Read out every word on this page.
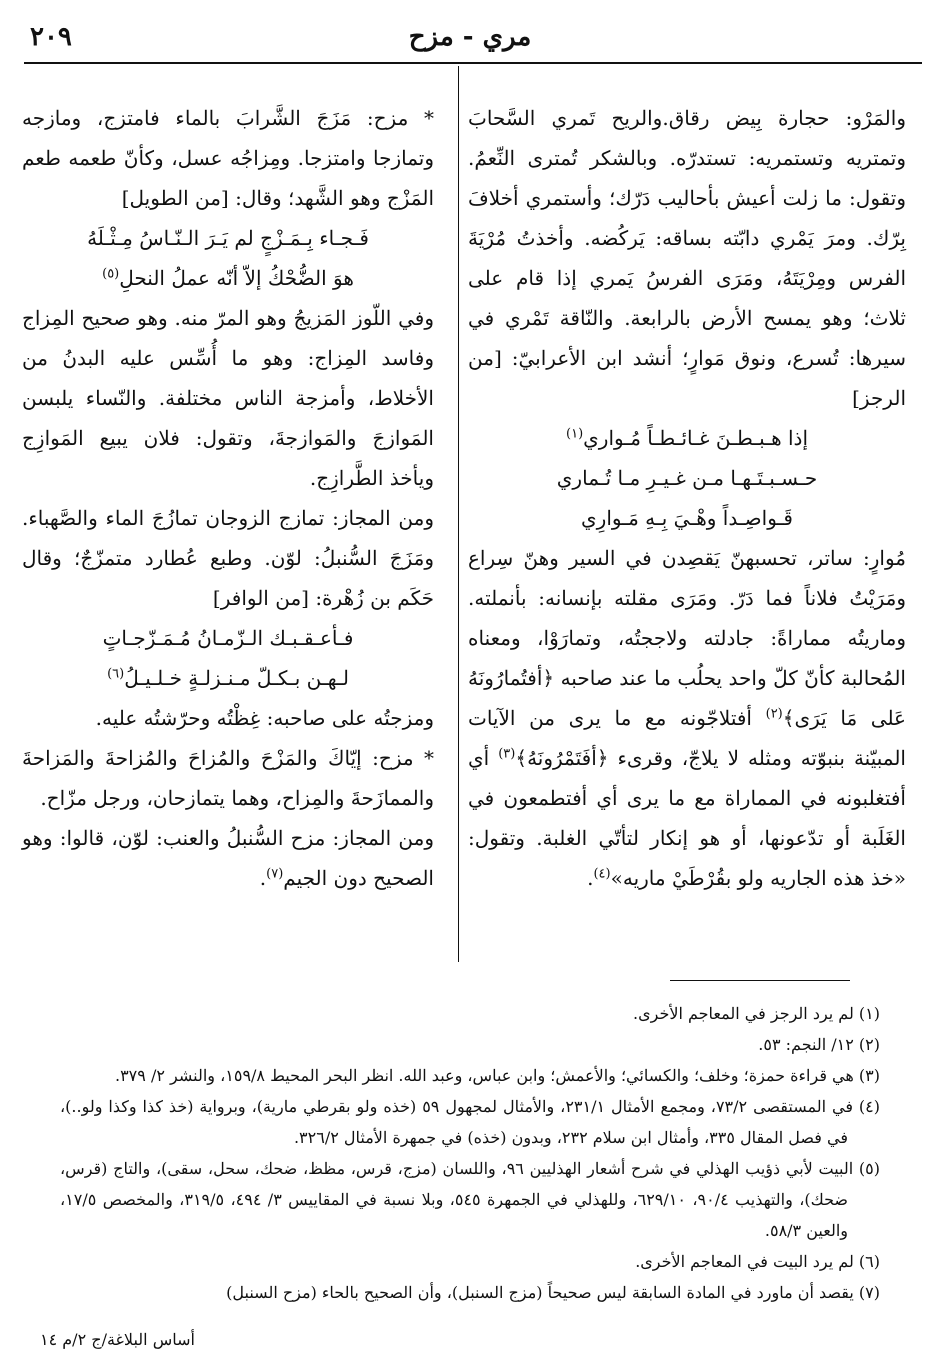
مري - مزح
٢٠٩

والمَرْو: حجارة بِيض رقاق.والريح تَمري السَّحابَ وتمتريه وتستمريه: تستدرّه. وبالشكر تُمترى النِّعمُ. وتقول: ما زلت أعيش بأحاليب دَرّك؛ وأستمري أخلافَ بِرّك. ومرَ يَمْري دابّته بساقه: يَركُضه. وأخذتُ مُرْيَةَ الفرس ومِرْيَتَهُ، ومَرَى الفرسُ يَمري إذا قام على ثلاث؛ وهو يمسح الأرض بالرابعة. والنّاقة تَمْري في سيرها: تُسرع، ونوق مَوارٍ؛ أنشد ابن الأعرابيّ: [من الرجز]

إذا هـبـطـنَ غـائـطـاً مُـواري$^{(١)}$

حـسـبـتَـهـا مـن غـيـرِ مـا تُـماري

قَـواصِـداً وهْـيَ بِـهِ مَـوارِي

مُوارٍ: ساتر، تحسبهنّ يَقصِدن في السير وهنّ سِراع ومَرَيْتُ فلاناً فما دَرّ. ومَرَى مقلته بإنسانه: بأنملته. وماريتُه مماراةً: جادلته ولاججتُه، وتمارَوْا، ومعناه المُحالبة كأنّ كلّ واحد يحلُب ما عند صاحبه ﴿أفتُمارُونَهُ عَلى مَا يَرَى﴾$^{(٢)}$ أفتلاجّونه مع ما يرى من الآيات المبيّنة بنبوّته ومثله لا يلاجّ، وقرىء ﴿أفَتَمْرُونَهُ﴾$^{(٣)}$ أي أفتغلبونه في المماراة مع ما يرى أي أفتطمعون في الغَلَبة أو تدّعونها، أو هو إنكار لتأتّي الغلبة. وتقول: «خذ هذه الجاريه ولو بقُرْطَيْ ماريه»$^{(٤)}$.

* مزح: مَزَجَ الشَّرابَ بالماء فامتزج، ومازجه وتمازجا وامتزجا. ومِزاجُه عسل، وكأنّ طعمه طعم المَزْج وهو الشَّهد؛ وقال: [من الطويل]

فَـجـاء بِـمَـزْجٍ لم يَـرَ الـنّـاسُ مِـثْـلَهُ

هوَ الضُّحْكُ إلاّ أنّه عملُ النحلِ$^{(٥)}$

وفي اللّوز المَزيجُ وهو المرّ منه. وهو صحيح المِزاج وفاسد المِزاج: وهو ما أُسِّس عليه البدنُ من الأخلاط، وأمزجة الناس مختلفة. والنّساء يلبسن المَوازجَ والمَوازجةَ، وتقول: فلان يبيع المَوازِج ويأخذ الطَّرازِج.

ومن المجاز: تمازج الزوجان تمازُجَ الماء والصَّهباء. ومَزَجَ السُّنبلُ: لوّن. وطبع عُطارد متمزّجٌ؛ وقال حَكَم بن زُهْرة: [من الوافر]

فـأعـقـبـك الـزّمـانُ مُـمَـزّجـاتٍ

لـهـن بـكـلّ مـنـزلـةٍ خـلـيـلُ$^{(٦)}$

ومزجتُه على صاحبه: غِظْتُه وحرّشتُه عليه.

* مزح: إيّاكَ والمَزْحَ والمُزاحَ والمُزاحةَ والمَزاحةَ والممازَحةَ والمِزاح، وهما يتمازحان، ورجل مزّاح.

ومن المجاز: مزح السُّنبلُ والعنب: لوّن، قالوا: وهو الصحيح دون الجيم$^{(٧)}$.

(١) لم يرد الرجز في المعاجم الأخرى.

(٢) ١٢/ النجم: ٥٣.

(٣) هي قراءة حمزة؛ وخلف؛ والكسائي؛ والأعمش؛ وابن عباس، وعبد الله. انظر البحر المحيط ١٥٩/٨، والنشر ٢/ ٣٧٩.

(٤) في المستقصى ٧٣/٢، ومجمع الأمثال ٢٣١/١، والأمثال لمجهول ٥٩ (خذه ولو بقرطي مارية)، وبرواية (خذ كذا وكذا ولو..)، في فصل المقال ٣٣٥، وأمثال ابن سلام ٢٣٢، وبدون (خذه) في جمهرة الأمثال ٣٢٦/٢.

(٥) البيت لأبي ذؤيب الهذلي في شرح أشعار الهذليين ٩٦، واللسان (مزج، قرس، مظظ، ضحك، سحل، سقى)، والتاج (قرس، ضحك)، والتهذيب ٩٠/٤، ٦٢٩/١٠، وللهذلي في الجمهرة ٥٤٥، وبلا نسبة في المقاييس ٣/ ٤٩٤، ٣١٩/٥، والمخصص ١٧/٥، والعين ٥٨/٣.

(٦) لم يرد البيت في المعاجم الأخرى.

(٧) يقصد أن ماورد في المادة السابقة ليس صحيحاً (مزج السنبل)، وأن الصحيح بالحاء (مزح السنبل)

أساس البلاغة/ج ٢/م ١٤
